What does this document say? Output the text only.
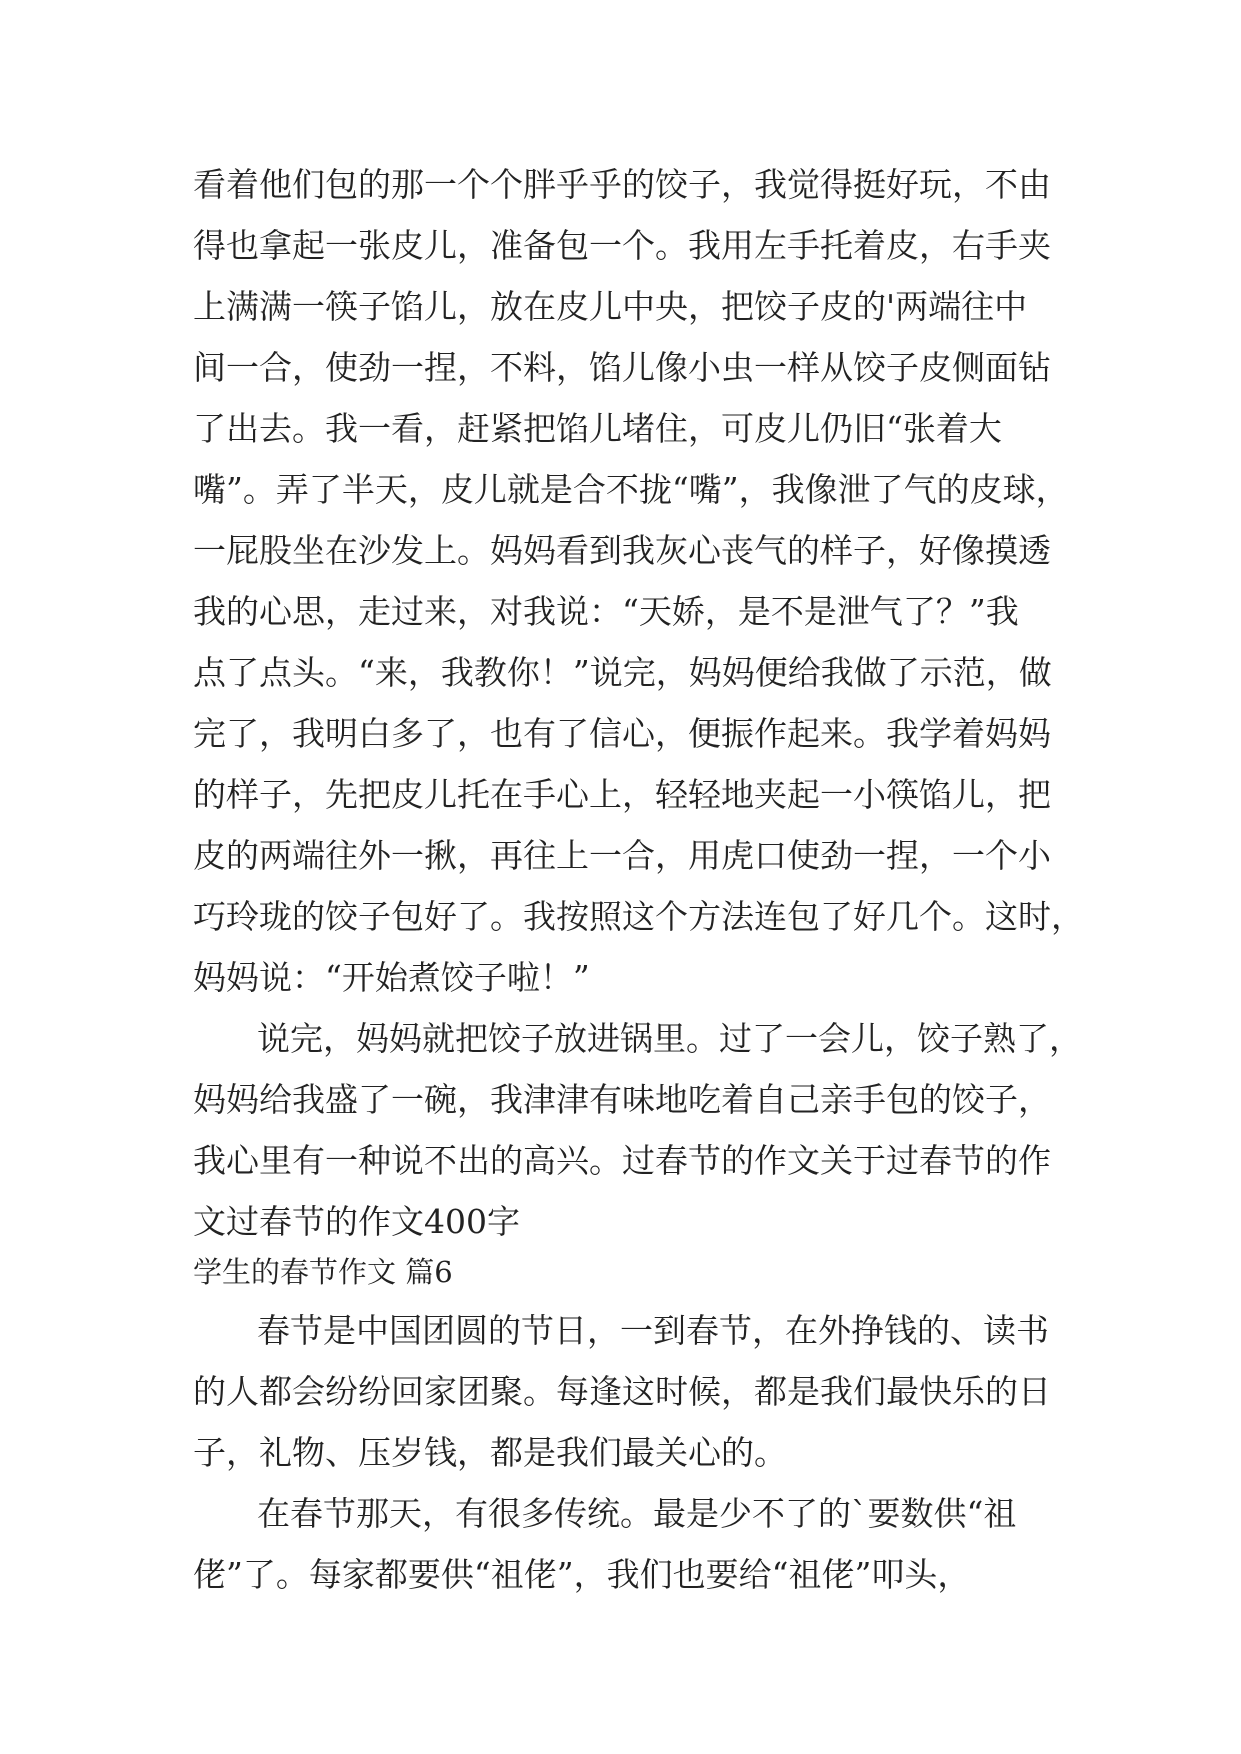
看着他们包的那一个个胖乎乎的饺子，我觉得挺好玩，不由
得也拿起一张皮儿，准备包一个。我用左手托着皮，右手夹
上满满一筷子馅儿，放在皮儿中央，把饺子皮的'两端往中
间一合，使劲一捏，不料，馅儿像小虫一样从饺子皮侧面钻
了出去。我一看，赶紧把馅儿堵住，可皮儿仍旧“张着大
嘴”。弄了半天，皮儿就是合不拢“嘴”，我像泄了气的皮球，
一屁股坐在沙发上。妈妈看到我灰心丧气的样子，好像摸透
我的心思，走过来，对我说：“天娇，是不是泄气了？”我
点了点头。“来，我教你！”说完，妈妈便给我做了示范，做
完了，我明白多了，也有了信心，便振作起来。我学着妈妈
的样子，先把皮儿托在手心上，轻轻地夹起一小筷馅儿，把
皮的两端往外一揪，再往上一合，用虎口使劲一捏，一个小
巧玲珑的饺子包好了。我按照这个方法连包了好几个。这时，
妈妈说：“开始煮饺子啦！”
说完，妈妈就把饺子放进锅里。过了一会儿，饺子熟了，
妈妈给我盛了一碗，我津津有味地吃着自己亲手包的饺子，
我心里有一种说不出的高兴。过春节的作文关于过春节的作
文过春节的作文400字
学生的春节作文 篇6
春节是中国团圆的节日，一到春节，在外挣钱的、读书
的人都会纷纷回家团聚。每逢这时候，都是我们最快乐的日
子，礼物、压岁钱，都是我们最关心的。
在春节那天，有很多传统。最是少不了的`要数供“祖
佬”了。每家都要供“祖佬”，我们也要给“祖佬”叩头，
